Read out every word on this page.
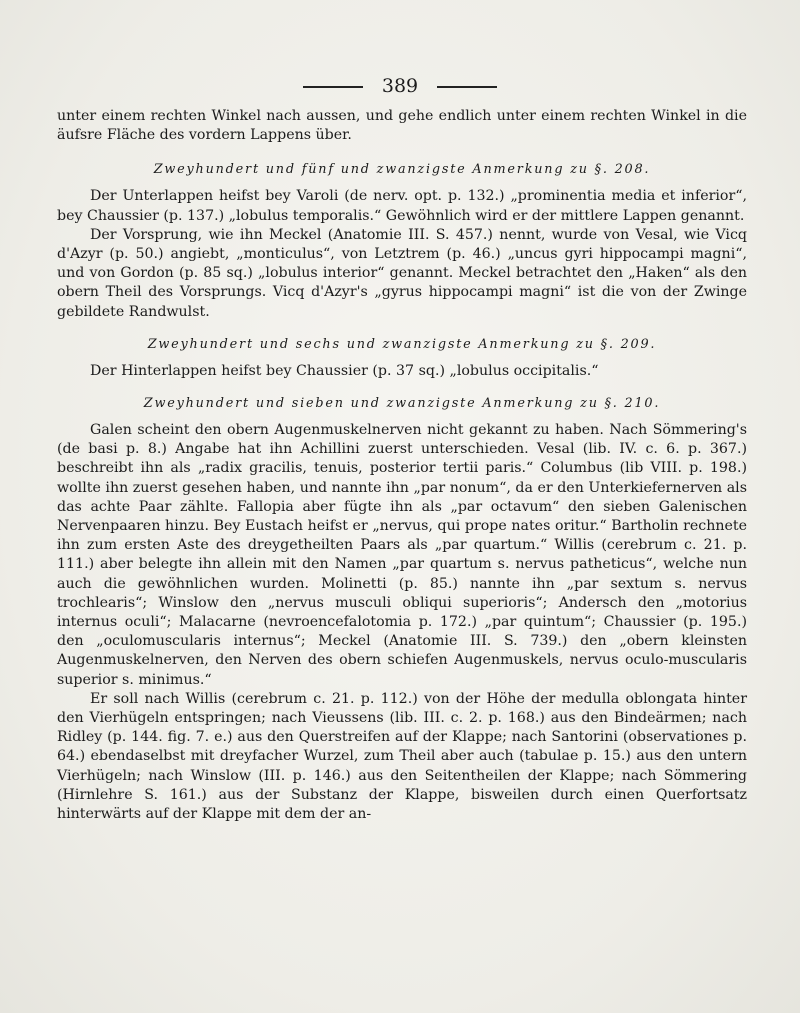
389

unter einem rechten Winkel nach aussen, und gehe endlich unter einem rechten Winkel in die äufsre Fläche des vordern Lappens über.

Zweyhundert und fünf und zwanzigste Anmerkung zu §. 208.

Der Unterlappen heifst bey Varoli (de nerv. opt. p. 132.) „prominentia media et inferior“, bey Chaussier (p. 137.) „lobulus temporalis.“ Gewöhnlich wird er der mittlere Lappen genannt.

Der Vorsprung, wie ihn Meckel (Anatomie III. S. 457.) nennt, wurde von Vesal, wie Vicq d'Azyr (p. 50.) angiebt, „monticulus“, von Letztrem (p. 46.) „uncus gyri hippocampi magni“, und von Gordon (p. 85 sq.) „lobulus interior“ genannt. Meckel betrachtet den „Haken“ als den obern Theil des Vorsprungs. Vicq d'Azyr's „gyrus hippocampi magni“ ist die von der Zwinge gebildete Randwulst.

Zweyhundert und sechs und zwanzigste Anmerkung zu §. 209.

Der Hinterlappen heifst bey Chaussier (p. 37 sq.) „lobulus occipitalis.“

Zweyhundert und sieben und zwanzigste Anmerkung zu §. 210.

Galen scheint den obern Augenmuskelnerven nicht gekannt zu haben. Nach Sömmering's (de basi p. 8.) Angabe hat ihn Achillini zuerst unterschieden. Vesal (lib. IV. c. 6. p. 367.) beschreibt ihn als „radix gracilis, tenuis, posterior tertii paris.“ Columbus (lib VIII. p. 198.) wollte ihn zuerst gesehen haben, und nannte ihn „par nonum“, da er den Unterkiefernerven als das achte Paar zählte. Fallopia aber fügte ihn als „par octavum“ den sieben Galenischen Nervenpaaren hinzu. Bey Eustach heifst er „nervus, qui prope nates oritur.“ Bartholin rechnete ihn zum ersten Aste des dreygetheilten Paars als „par quartum.“ Willis (cerebrum c. 21. p. 111.) aber belegte ihn allein mit den Namen „par quartum s. nervus patheticus“, welche nun auch die gewöhnlichen wurden. Molinetti (p. 85.) nannte ihn „par sextum s. nervus trochlearis“; Winslow den „nervus musculi obliqui superioris“; Andersch den „motorius internus oculi“; Malacarne (nevroencefalotomia p. 172.) „par quintum“; Chaussier (p. 195.) den „oculomuscularis internus“; Meckel (Anatomie III. S. 739.) den „obern kleinsten Augenmuskelnerven, den Nerven des obern schiefen Augenmuskels, nervus oculo-muscularis superior s. minimus.“

Er soll nach Willis (cerebrum c. 21. p. 112.) von der Höhe der medulla oblongata hinter den Vierhügeln entspringen; nach Vieussens (lib. III. c. 2. p. 168.) aus den Bindeärmen; nach Ridley (p. 144. fig. 7. e.) aus den Querstreifen auf der Klappe; nach Santorini (observationes p. 64.) ebendaselbst mit dreyfacher Wurzel, zum Theil aber auch (tabulae p. 15.) aus den untern Vierhügeln; nach Winslow (III. p. 146.) aus den Seitentheilen der Klappe; nach Sömmering (Hirnlehre S. 161.) aus der Substanz der Klappe, bisweilen durch einen Querfortsatz hinterwärts auf der Klappe mit dem der an-
